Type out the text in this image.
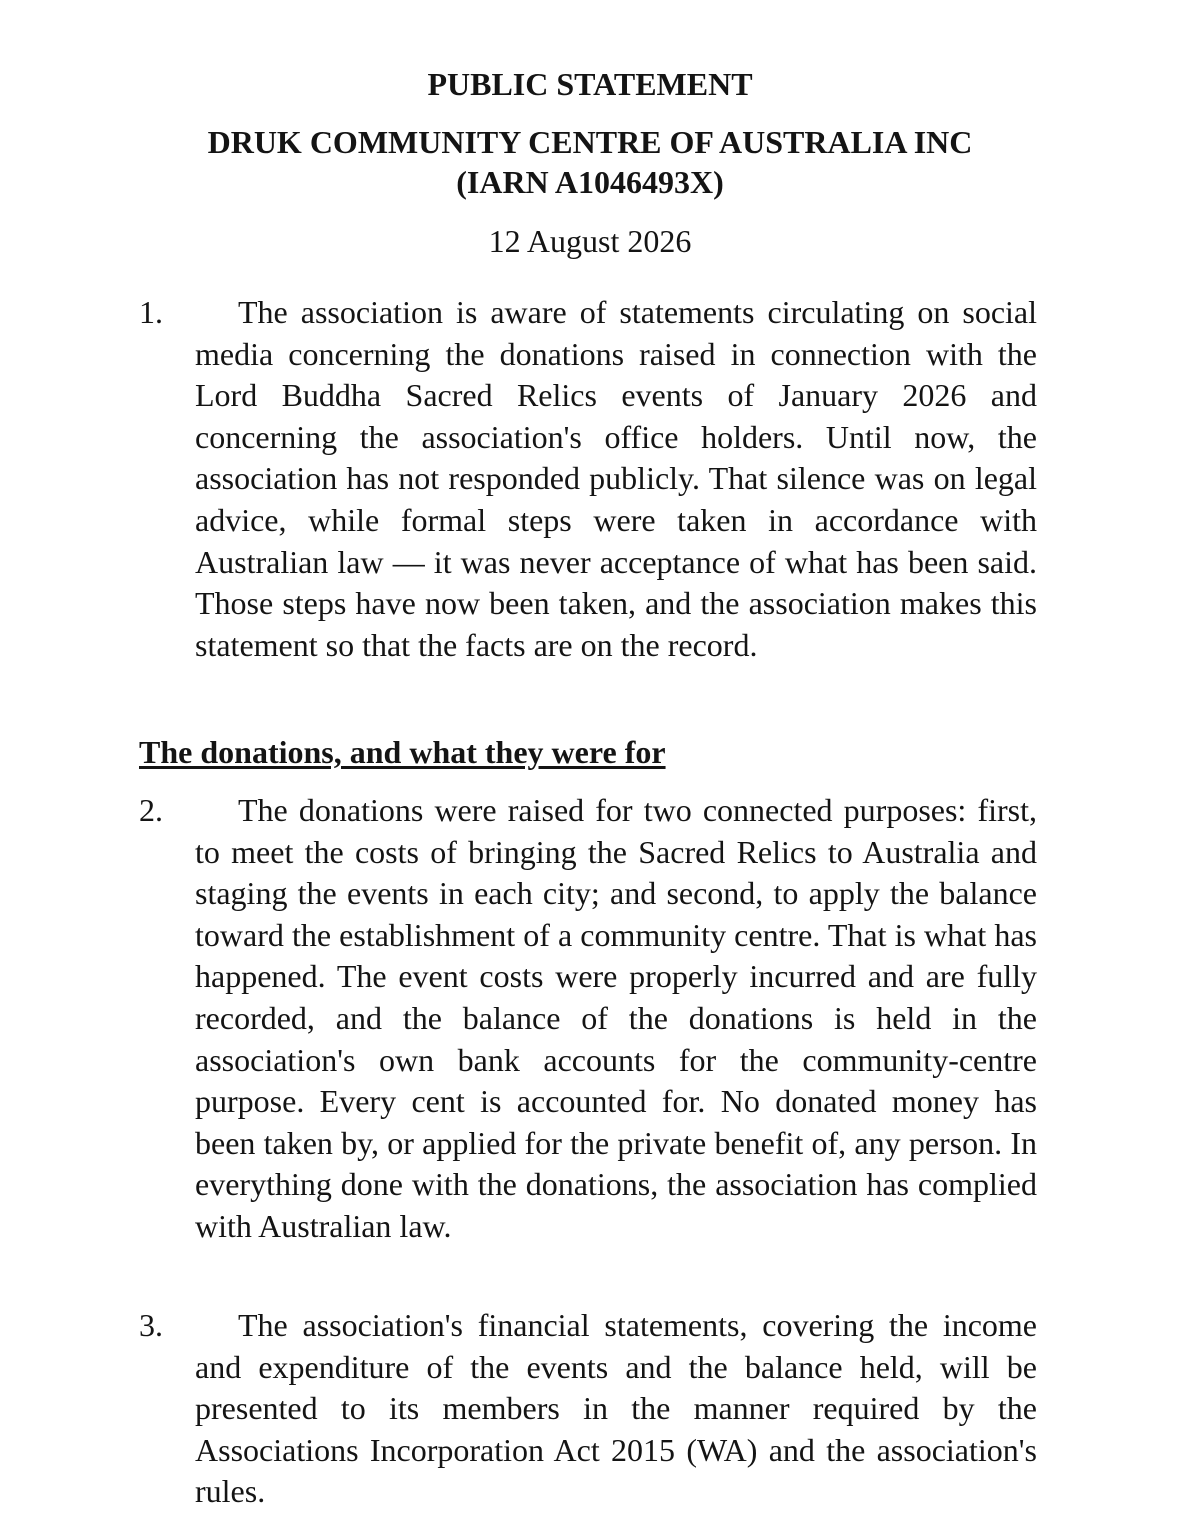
PUBLIC STATEMENT
DRUK COMMUNITY CENTRE OF AUSTRALIA INC
(IARN A1046493X)

12 August 2026

1.	The association is aware of statements circulating on social media concerning the donations raised in connection with the Lord Buddha Sacred Relics events of January 2026 and concerning the association's office holders. Until now, the association has not responded publicly. That silence was on legal advice, while formal steps were taken in accordance with Australian law — it was never acceptance of what has been said. Those steps have now been taken, and the association makes this statement so that the facts are on the record.

The donations, and what they were for

2.	The donations were raised for two connected purposes: first, to meet the costs of bringing the Sacred Relics to Australia and staging the events in each city; and second, to apply the balance toward the establishment of a community centre. That is what has happened. The event costs were properly incurred and are fully recorded, and the balance of the donations is held in the association's own bank accounts for the community-centre purpose. Every cent is accounted for. No donated money has been taken by, or applied for the private benefit of, any person. In everything done with the donations, the association has complied with Australian law.

3.	The association's financial statements, covering the income and expenditure of the events and the balance held, will be presented to its members in the manner required by the Associations Incorporation Act 2015 (WA) and the association's rules.
